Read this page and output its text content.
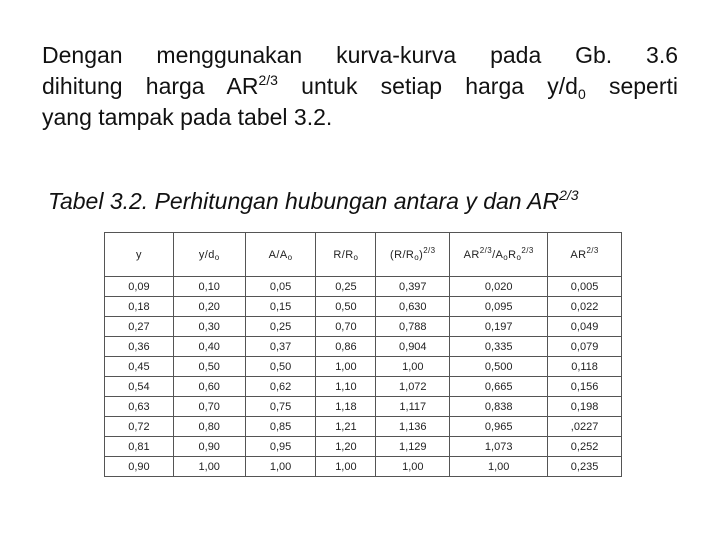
Dengan menggunakan kurva-kurva pada Gb. 3.6
dihitung harga $AR^{2/3}$ untuk setiap harga $y/d_0$ seperti
yang tampak pada tabel 3.2.
Tabel 3.2. Perhitungan hubungan antara y dan $AR^{2/3}$
y	$y/d_o$	$A/A_o$	$R/R_o$	$(R/R_o)^{2/3}$	$AR^{2/3}/A_oR_o^{2/3}$	$AR^{2/3}$
0,09	0,10	0,05	0,25	0,397	0,020	0,005
0,18	0,20	0,15	0,50	0,630	0,095	0,022
0,27	0,30	0,25	0,70	0,788	0,197	0,049
0,36	0,40	0,37	0,86	0,904	0,335	0,079
0,45	0,50	0,50	1,00	1,00	0,500	0,118
0,54	0,60	0,62	1,10	1,072	0,665	0,156
0,63	0,70	0,75	1,18	1,117	0,838	0,198
0,72	0,80	0,85	1,21	1,136	0,965	,0227
0,81	0,90	0,95	1,20	1,129	1,073	0,252
0,90	1,00	1,00	1,00	1,00	1,00	0,235
